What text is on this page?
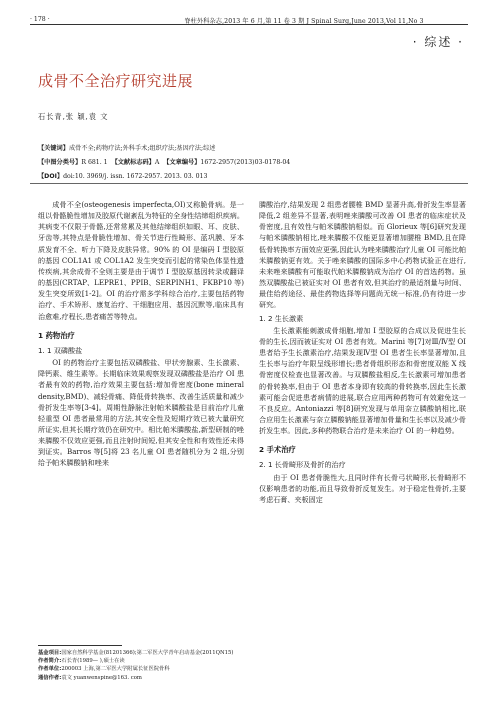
· 178 ·	脊柱外科杂志,2013 年 6 月,第 11 卷 3 期 J Spinal Surg,June 2013,Vol 11,No 3
· 综述 ·
成骨不全治疗研究进展
石长青,张 颖,袁 文
【关键词】成骨不全;药物疗法;外科手术;组织疗法;基因疗法;综述
【中图分类号】R 681. 1 【文献标志码】A 【文章编号】1672-2957(2013)03-0178-04
【DOI】doi:10. 3969/j. issn. 1672-2957. 2013. 03. 013

成骨不全(osteogenesis imperfecta,OI)又称脆骨病。是一组以骨骼脆性增加及胶原代谢紊乱为特征的全身性结缔组织疾病。其病变不仅限于骨骼,还常常累及其他结缔组织如眼、耳、皮肤、牙齿等,其特点是骨脆性增加、骨关节进行性畸形、蓝巩膜、牙本质发育不全、听力下降及皮肤异常。90% 的 OI 是编码 I 型胶原的基因 COL1A1 或 COL1A2 发生突变而引起的常染色体显性遗传疾病,其余成骨不全则主要是由于调节 I 型胶原基因转录或翻译的基因(CRTAP、LEPRE1、PPIB、SERPINH1、FKBP10 等)发生突变所致[1-2]。OI 的治疗需多学科综合治疗,主要包括药物治疗、手术矫形、康复治疗、干细胞应用、基因沉默等,临床具有治愈难,疗程长,患者痛苦等特点。

1 药物治疗
1. 1 双磷酸盐

OI 的药物治疗主要包括双磷酸盐、甲状旁腺素、生长激素、降钙素、维生素等。长期临床效果观察发现双磷酸盐是治疗 OI 患者最有效的药物,治疗效果主要包括:增加骨密度(bone mineral density,BMD)、减轻骨痛、降低骨转换率、改善生活质量和减少骨折发生率等[3-4]。周期性静脉注射帕米膦酸盐是目前治疗儿童轻重型 OI 患者最常用的方法,其安全性及短期疗效已被大量研究所证实,但其长期疗效仍在研究中。相比帕米膦酸盐,新型研制的唑来膦酸不仅效应更强,而且注射时间短,但其安全性和有效性还未得到证实。Barros 等[5]将 23 名儿童 OI 患者随机分为 2 组,分别给予帕米膦酸钠和唑来

膦酸治疗,结果发现 2 组患者腰椎 BMD 显著升高,骨折发生率显著降低,2 组差异不显著,表明唑来膦酸可改善 OI 患者的临床症状及骨密度,且有效性与帕米膦酸钠相似。而 Glorieux 等[6]研究发现与帕米膦酸钠相比,唑来膦酸不仅能更显著增加腰椎 BMD,且在降低骨转换率方面效应更强,因此认为唑来膦酸治疗儿童 OI 可能比帕米膦酸钠更有效。关于唑来膦酸的国际多中心药物试验正在进行,未来唑来膦酸有可能取代帕米膦酸钠成为治疗 OI 的首选药物。虽然双膦酸盐已被证实对 OI 患者有效,但其治疗的最适剂量与时间、最佳给药途径、最佳药物选择等问题尚无统一标准,仍有待进一步研究。

1. 2 生长激素

生长激素能刺激成骨细胞,增加 I 型胶原的合成以及促进生长骨的生长,因而被证实对 OI 患者有效。Marini 等[7]对Ⅲ/Ⅳ型 OI 患者给予生长激素治疗,结果发现Ⅳ型 OI 患者生长率显著增加,且生长率与治疗年限呈线形增长;患者骨组织形态和骨密度双能 X 线骨密度仪检查也显著改善。与双膦酸盐相反,生长激素可增加患者的骨转换率,但由于 OI 患者本身即有较高的骨转换率,因此生长激素可能会促进患者病情的进展,联合应用两种药物可有效避免这一不良反应。Antoniazzi 等[8]研究发现与单用奈立膦酸钠相比,联合应用生长激素与奈立膦酸钠能显著增加骨量和生长率以及减少骨折发生率。因此,多种药物联合治疗是未来治疗 OI 的一种趋势。

2 手术治疗
2. 1 长骨畸形及骨折的治疗

由于 OI 患者骨脆性大,且同时伴有长骨弓状畸形,长骨畸形不仅影响患者的功能,而且导致骨折反复发生。对于稳定性骨折,主要考虑石膏、夹板固定

基金项目:国家自然科学基金(81201366);第二军医大学青年启动基金(2011QN15)
作者简介:石长青(1989— ),硕士在读
作者单位:200003 上海,第二军医大学附属长征医院骨科
通信作者:袁文 yuanwenspine@163. com
